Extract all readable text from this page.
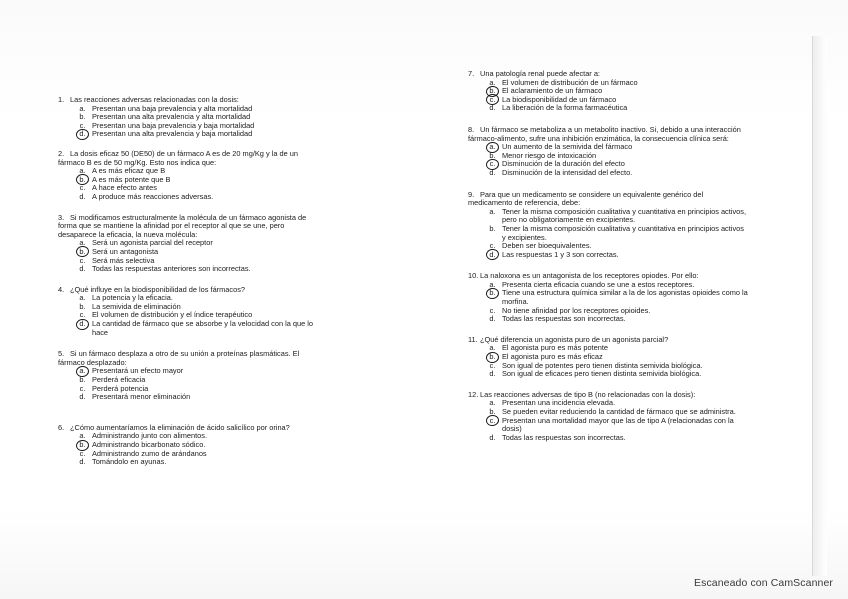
1. Las reacciones adversas relacionadas con la dosis:
a. Presentan una baja prevalencia y alta mortalidad
b. Presentan una alta prevalencia y alta mortalidad
c. Presentan una baja prevalencia y baja mortalidad
d. Presentan una alta prevalencia y baja mortalidad
2. La dosis eficaz 50 (DE50) de un fármaco A es de 20 mg/Kg y la de un fármaco B es de 50 mg/Kg. Esto nos indica que:
a. A es más eficaz que B
b. A es más potente que B
c. A hace efecto antes
d. A produce más reacciones adversas.
3. Si modificamos estructuralmente la molécula de un fármaco agonista de forma que se mantiene la afinidad por el receptor al que se une, pero desaparece la eficacia, la nueva molécula:
a. Será un agonista parcial del receptor
b. Será un antagonista
c. Será más selectiva
d. Todas las respuestas anteriores son incorrectas.
4. ¿Qué influye en la biodisponibilidad de los fármacos?
a. La potencia y la eficacia.
b. La semivida de eliminación
c. El volumen de distribución y el índice terapéutico
d. La cantidad de fármaco que se absorbe y la velocidad con la que lo hace
5. Si un fármaco desplaza a otro de su unión a proteínas plasmáticas. El fármaco desplazado:
a. Presentará un efecto mayor
b. Perderá eficacia
c. Perderá potencia
d. Presentará menor eliminación
6. ¿Cómo aumentaríamos la eliminación de ácido salicílico por orina?
a. Administrando junto con alimentos.
b. Administrando bicarbonato sódico.
c. Administrando zumo de arándanos
d. Tomándolo en ayunas.
7. Una patología renal puede afectar a:
a. El volumen de distribución de un fármaco
b. El aclaramiento de un fármaco
c. La biodisponibilidad de un fármaco
d. La liberación de la forma farmacéutica
8. Un fármaco se metaboliza a un metabolito inactivo. Si, debido a una interacción fármaco-alimento, sufre una inhibición enzimática, la consecuencia clínica será:
a. Un aumento de la semivida del fármaco
b. Menor riesgo de intoxicación
c. Disminución de la duración del efecto
d. Disminución de la intensidad del efecto.
9. Para que un medicamento se considere un equivalente genérico del medicamento de referencia, debe:
a. Tener la misma composición cualitativa y cuantitativa en principios activos, pero no obligatoriamente en excipientes.
b. Tener la misma composición cualitativa y cuantitativa en principios activos y excipientes.
c. Deben ser bioequivalentes.
d. Las respuestas 1 y 3 son correctas.
10. La naloxona es un antagonista de los receptores opiodes. Por ello:
a. Presenta cierta eficacia cuando se une a estos receptores.
b. Tiene una estructura química similar a la de los agonistas opioides como la morfina.
c. No tiene afinidad por los receptores opioides.
d. Todas las respuestas son incorrectas.
11. ¿Qué diferencia un agonista puro de un agonista parcial?
a. El agonista puro es más potente
b. El agonista puro es más eficaz
c. Son igual de potentes pero tienen distinta semivida biológica.
d. Son igual de eficaces pero tienen distinta semivida biológica.
12. Las reacciones adversas de tipo B (no relacionadas con la dosis):
a. Presentan una incidencia elevada.
b. Se pueden evitar reduciendo la cantidad de fármaco que se administra.
c. Presentan una mortalidad mayor que las de tipo A (relacionadas con la dosis)
d. Todas las respuestas son incorrectas.
Escaneado con CamScanner
